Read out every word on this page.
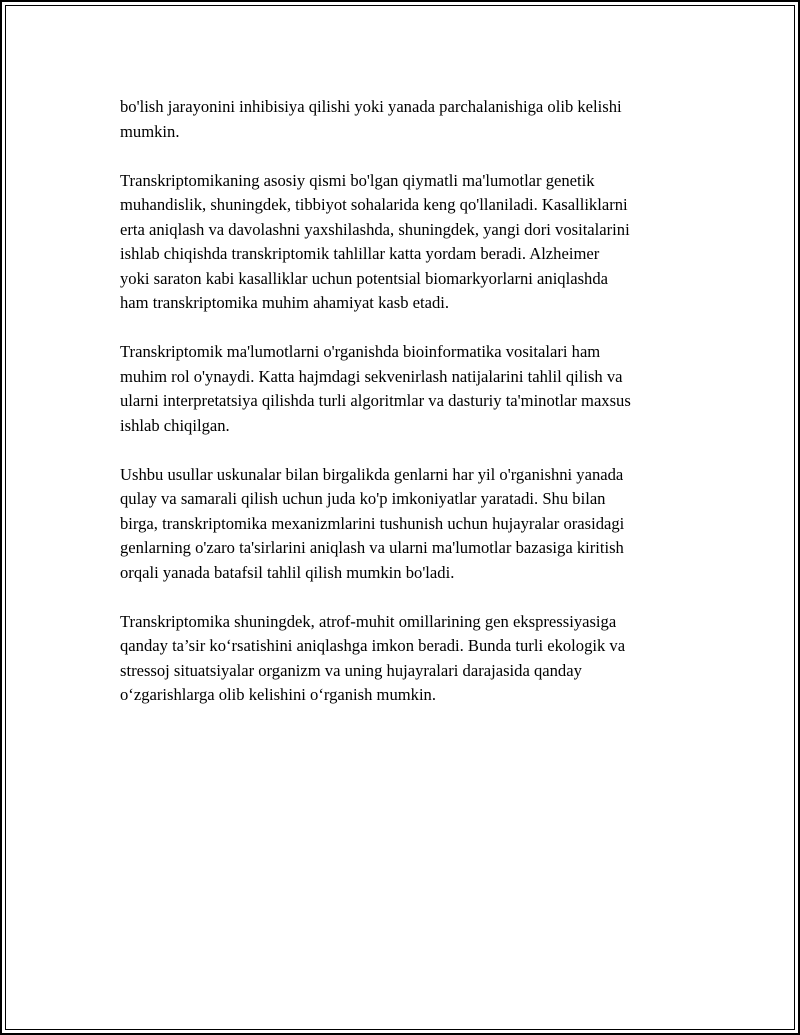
bo'lish jarayonini inhibisiya qilishi yoki yanada parchalanishiga olib kelishi
mumkin.

Transkriptomikaning asosiy qismi bo'lgan qiymatli ma'lumotlar genetik
muhandislik, shuningdek, tibbiyot sohalarida keng qo'llaniladi. Kasalliklarni
erta aniqlash va davolashni yaxshilashda, shuningdek, yangi dori vositalarini
ishlab chiqishda transkriptomik tahlillar katta yordam beradi. Alzheimer
yoki saraton kabi kasalliklar uchun potentsial biomarkyorlarni aniqlashda
ham transkriptomika muhim ahamiyat kasb etadi.

Transkriptomik ma'lumotlarni o'rganishda bioinformatika vositalari ham
muhim rol o'ynaydi. Katta hajmdagi sekvenirlash natijalarini tahlil qilish va
ularni interpretatsiya qilishda turli algoritmlar va dasturiy ta'minotlar maxsus
ishlab chiqilgan.

Ushbu usullar uskunalar bilan birgalikda genlarni har yil o'rganishni yanada
qulay va samarali qilish uchun juda ko'p imkoniyatlar yaratadi. Shu bilan
birga, transkriptomika mexanizmlarini tushunish uchun hujayralar orasidagi
genlarning o'zaro ta'sirlarini aniqlash va ularni ma'lumotlar bazasiga kiritish
orqali yanada batafsil tahlil qilish mumkin bo'ladi.

Transkriptomika shuningdek, atrof-muhit omillarining gen ekspressiyasiga
qanday ta’sir ko‘rsatishini aniqlashga imkon beradi. Bunda turli ekologik va
stressoj situatsiyalar organizm va uning hujayralari darajasida qanday
o‘zgarishlarga olib kelishini o‘rganish mumkin.
